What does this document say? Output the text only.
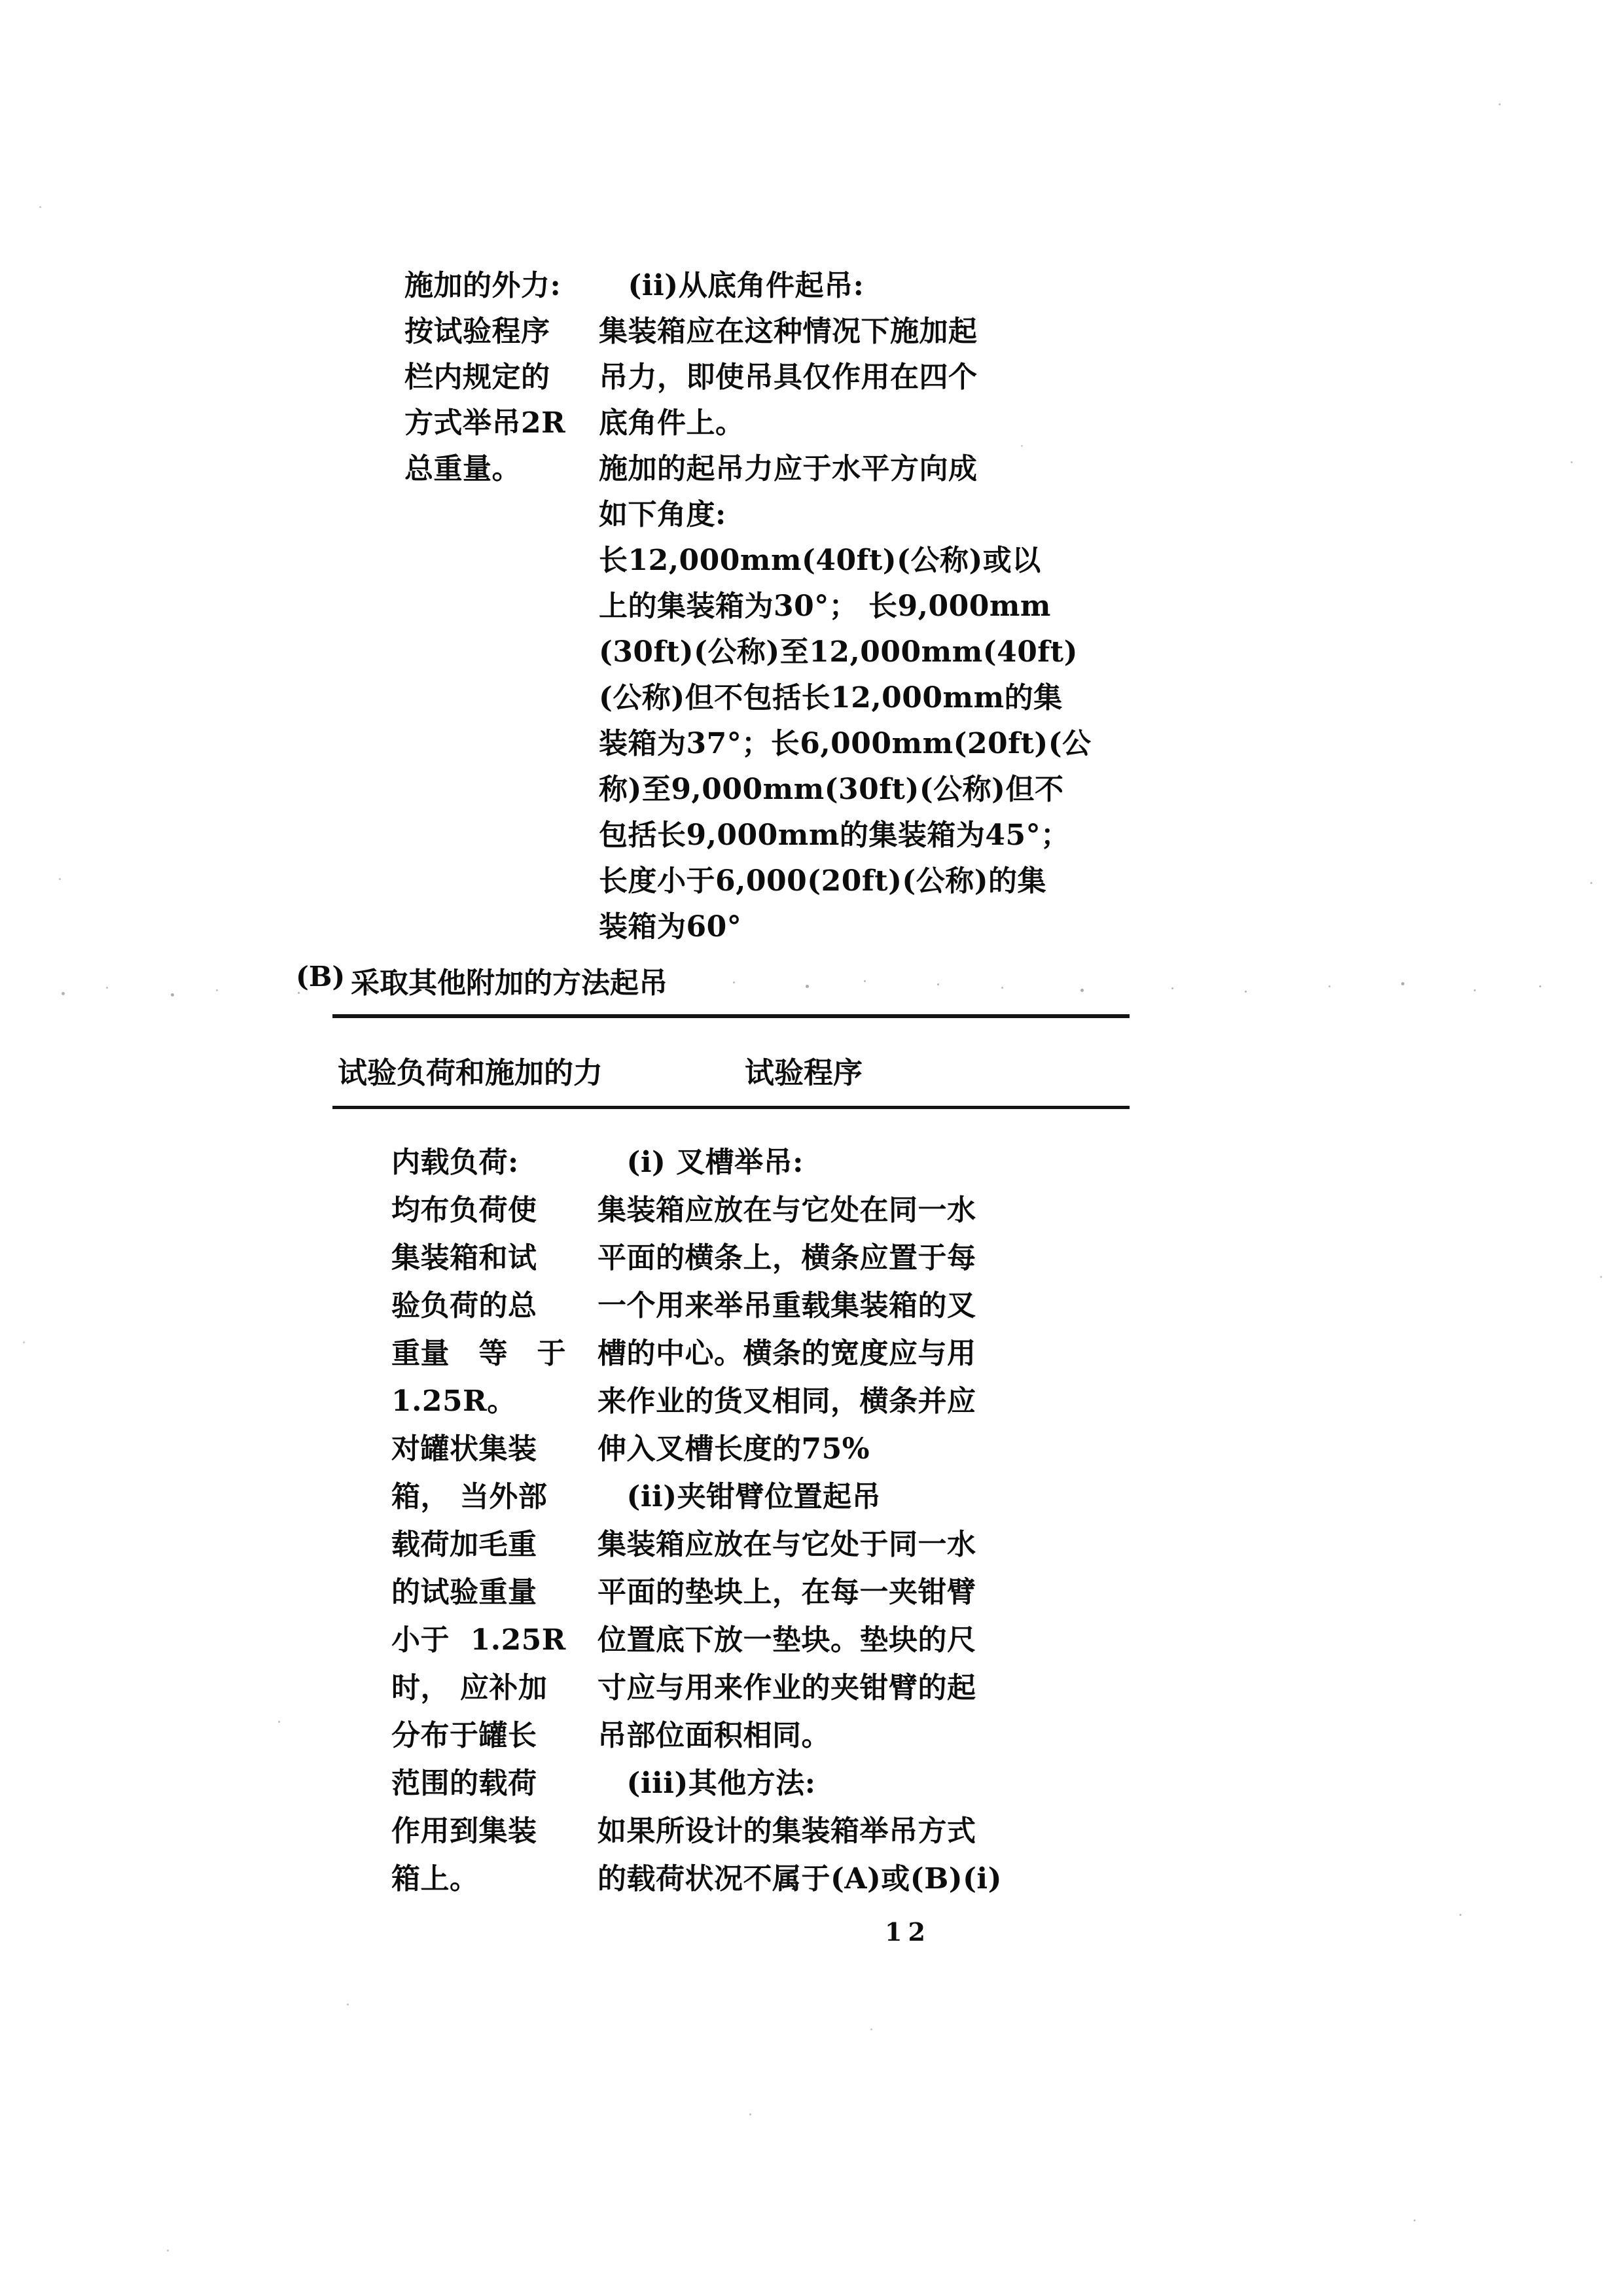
施加的外力:
按试验程序
栏内规定的
方式举吊2R
总重量。
　(ii)从底角件起吊:
集装箱应在这种情况下施加起
吊力，即使吊具仅作用在四个
底角件上。
施加的起吊力应于水平方向成
如下角度:
长12,000mm(40ft)(公称)或以
上的集装箱为30°； 长9,000mm
(30ft)(公称)至12,000mm(40ft)
(公称)但不包括长12,000mm的集
装箱为37°；长6,000mm(20ft)(公
称)至9,000mm(30ft)(公称)但不
包括长9,000mm的集装箱为45°；
长度小于6,000(20ft)(公称)的集
装箱为60°
(B) 采取其他附加的方法起吊
试验负荷和施加的力	试验程序
内载负荷:
均布负荷使
集装箱和试
验负荷的总
重量　等　于
1.25R。
对罐状集装
箱， 当外部
载荷加毛重
的试验重量
小于  1.25R
时， 应补加
分布于罐长
范围的载荷
作用到集装
箱上。
　(i) 叉槽举吊:
集装箱应放在与它处在同一水
平面的横条上，横条应置于每
一个用来举吊重载集装箱的叉
槽的中心。横条的宽度应与用
来作业的货叉相同，横条并应
伸入叉槽长度的75%
　(ii)夹钳臂位置起吊
集装箱应放在与它处于同一水
平面的垫块上，在每一夹钳臂
位置底下放一垫块。垫块的尺
寸应与用来作业的夹钳臂的起
吊部位面积相同。
　(iii)其他方法:
如果所设计的集装箱举吊方式
的载荷状况不属于(A)或(B)(i)
12
